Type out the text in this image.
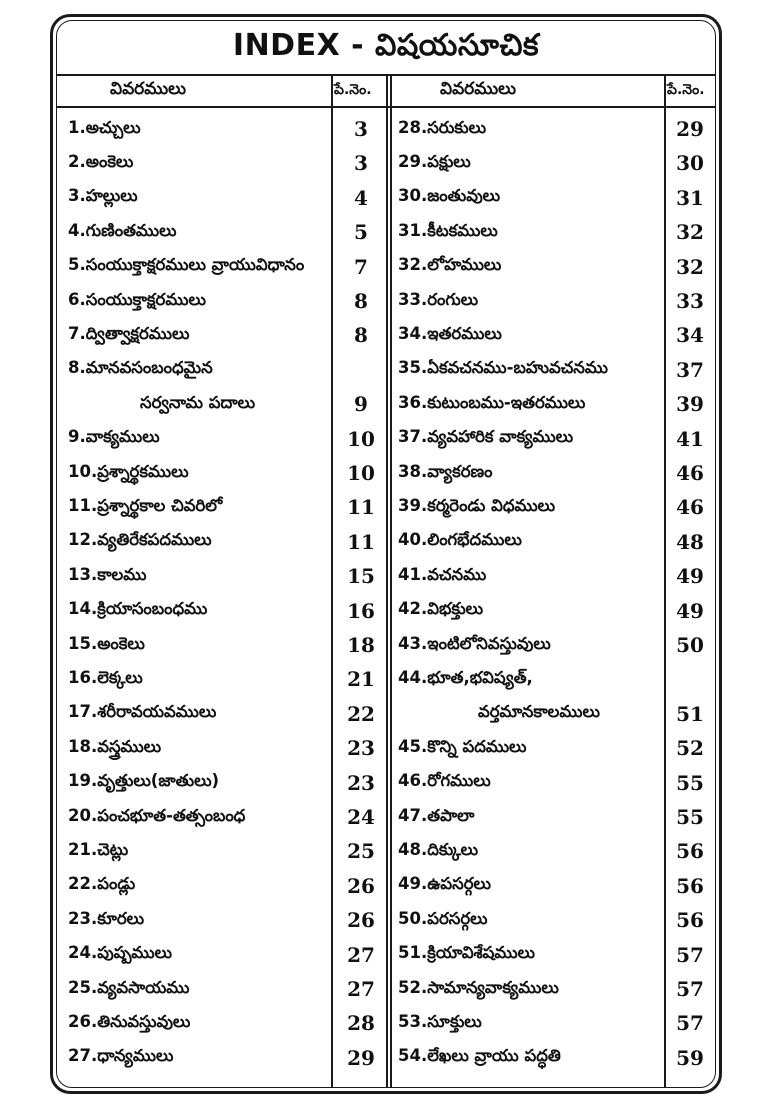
INDEX - విషయసూచిక
వివరములు	పే.నెం.	వివరములు	పే.నెం.
1.అచ్చులు	3
2.అంకెలు	3
3.హల్లులు	4
4.గుణింతములు	5
5.సంయుక్తాక్షరములు వ్రాయువిధానం	7
6.సంయుక్తాక్షరములు	8
7.ద్విత్వాక్షరములు	8
8.మానవసంబంధమైన
సర్వనామ పదాలు	9
9.వాక్యములు	10
10.ప్రశ్నార్థకములు	10
11.ప్రశ్నార్థకాల చివరిలో	11
12.వ్యతిరేకపదములు	11
13.కాలము	15
14.క్రియాసంబంధము	16
15.అంకెలు	18
16.లెక్కలు	21
17.శరీరావయవములు	22
18.వస్త్రములు	23
19.వృత్తులు(జాతులు)	23
20.పంచభూత-తత్సంబంధ	24
21.చెట్లు	25
22.పండ్లు	26
23.కూరలు	26
24.పుష్పములు	27
25.వ్యవసాయము	27
26.తినువస్తువులు	28
27.ధాన్యములు	29
28.సరుకులు	29
29.పక్షులు	30
30.జంతువులు	31
31.కీటకములు	32
32.లోహములు	32
33.రంగులు	33
34.ఇతరములు	34
35.ఏకవచనము-బహువచనము	37
36.కుటుంబము-ఇతరములు	39
37.వ్యవహారిక వాక్యములు	41
38.వ్యాకరణం	46
39.కర్మరెండు విధములు	46
40.లింగభేదములు	48
41.వచనము	49
42.విభక్తులు	49
43.ఇంటిలోనివస్తువులు	50
44.భూత,భవిష్యత్,
వర్తమానకాలములు	51
45.కొన్ని పదములు	52
46.రోగములు	55
47.తపాలా	55
48.దిక్కులు	56
49.ఉపసర్గలు	56
50.పరసర్గలు	56
51.క్రియావిశేషములు	57
52.సామాన్యవాక్యములు	57
53.సూక్తులు	57
54.లేఖలు వ్రాయు పద్ధతి	59
